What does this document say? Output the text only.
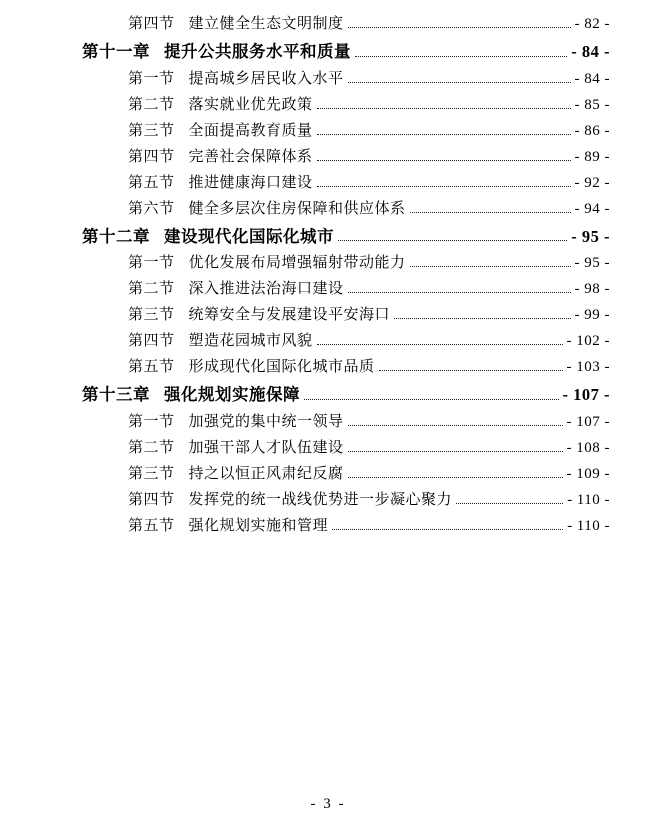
第四节 建立健全生态文明制度	- 82 -
第十一章 提升公共服务水平和质量	- 84 -
第一节 提高城乡居民收入水平	- 84 -
第二节 落实就业优先政策	- 85 -
第三节 全面提高教育质量	- 86 -
第四节 完善社会保障体系	- 89 -
第五节 推进健康海口建设	- 92 -
第六节 健全多层次住房保障和供应体系	- 94 -
第十二章 建设现代化国际化城市	- 95 -
第一节 优化发展布局增强辐射带动能力	- 95 -
第二节 深入推进法治海口建设	- 98 -
第三节 统筹安全与发展建设平安海口	- 99 -
第四节 塑造花园城市风貌	- 102 -
第五节 形成现代化国际化城市品质	- 103 -
第十三章 强化规划实施保障	- 107 -
第一节 加强党的集中统一领导	- 107 -
第二节 加强干部人才队伍建设	- 108 -
第三节 持之以恒正风肃纪反腐	- 109 -
第四节 发挥党的统一战线优势进一步凝心聚力	- 110 -
第五节 强化规划实施和管理	- 110 -
- 3 -
